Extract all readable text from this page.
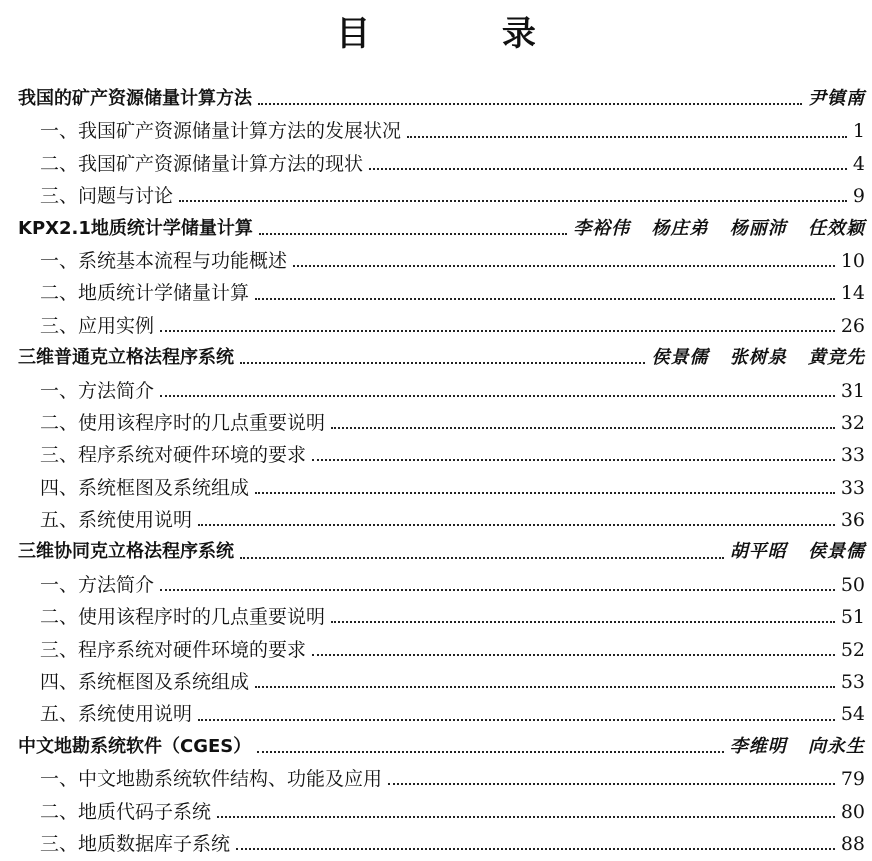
目 录
我国的矿产资源储量计算方法	尹镇南
一、我国矿产资源储量计算方法的发展状况	1
二、我国矿产资源储量计算方法的现状	4
三、问题与讨论	9
KPX2.1地质统计学储量计算	李裕伟 杨庄弟 杨丽沛 任效颖
一、系统基本流程与功能概述	10
二、地质统计学储量计算	14
三、应用实例	26
三维普通克立格法程序系统	侯景儒 张树泉 黄竞先
一、方法简介	31
二、使用该程序时的几点重要说明	32
三、程序系统对硬件环境的要求	33
四、系统框图及系统组成	33
五、系统使用说明	36
三维协同克立格法程序系统	胡平昭 侯景儒
一、方法简介	50
二、使用该程序时的几点重要说明	51
三、程序系统对硬件环境的要求	52
四、系统框图及系统组成	53
五、系统使用说明	54
中文地勘系统软件（CGES）	李维明 向永生
一、中文地勘系统软件结构、功能及应用	79
二、地质代码子系统	80
三、地质数据库子系统	88
